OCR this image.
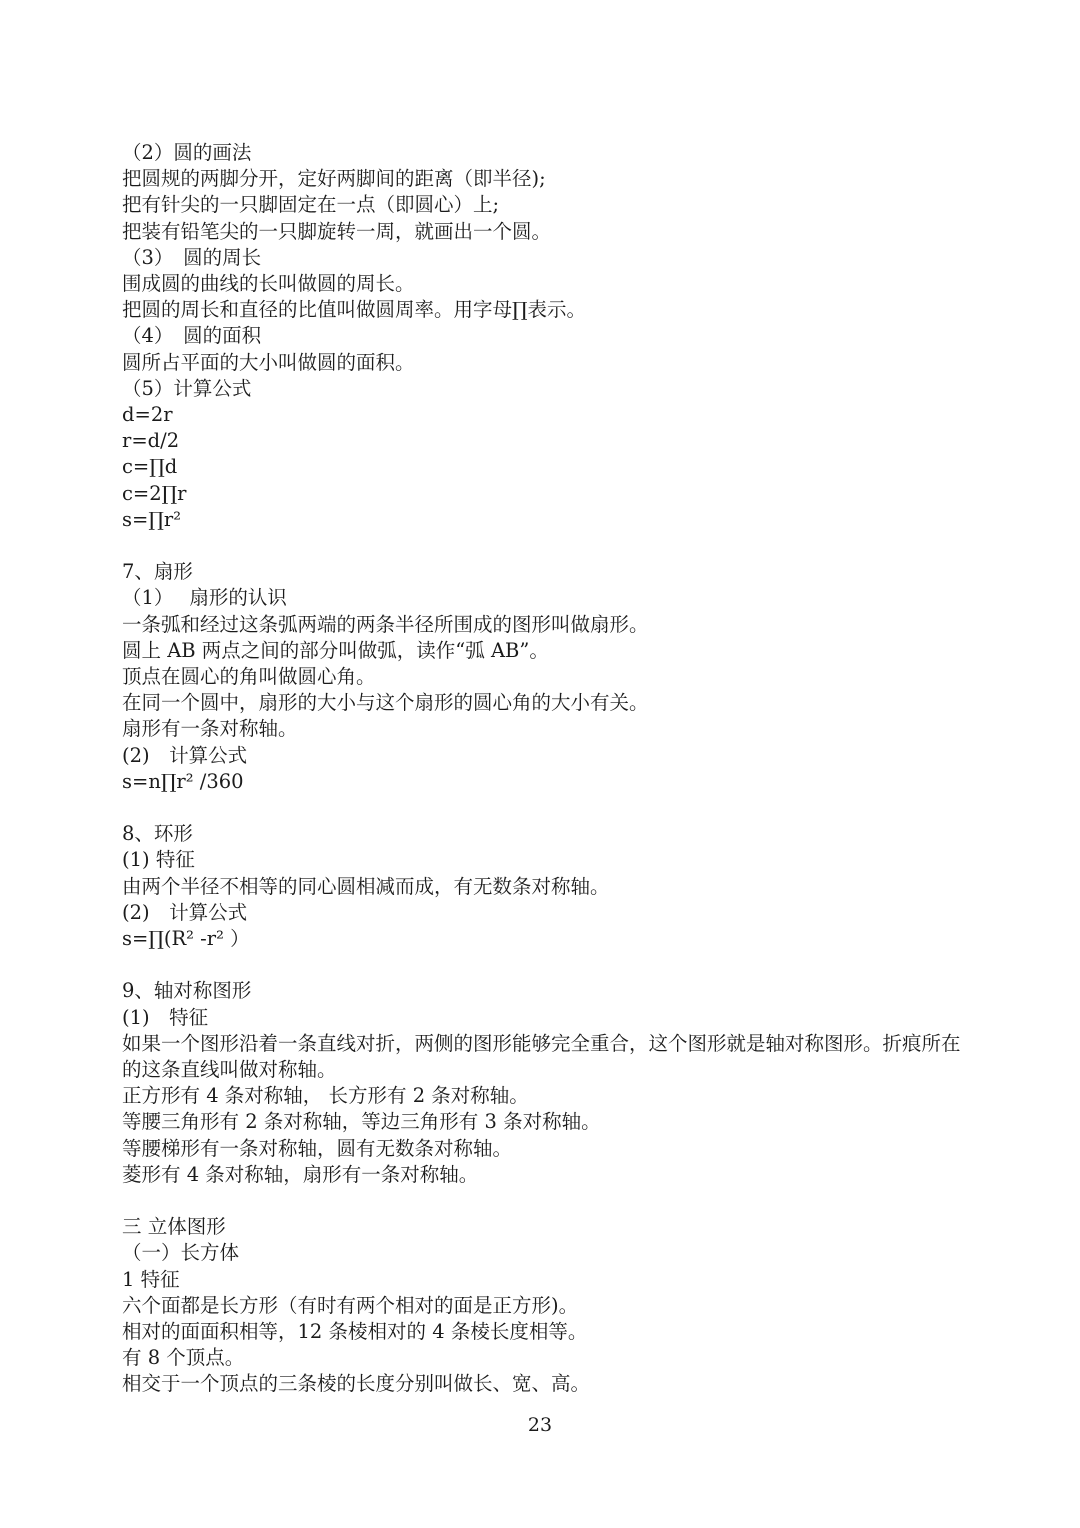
（2）圆的画法

把圆规的两脚分开，定好两脚间的距离（即半径);

把有针尖的一只脚固定在一点（即圆心）上;

把装有铅笔尖的一只脚旋转一周，就画出一个圆。

（3）　圆的周长

围成圆的曲线的长叫做圆的周长。

把圆的周长和直径的比值叫做圆周率。用字母∏表示。

（4）　圆的面积

圆所占平面的大小叫做圆的面积。

（5）计算公式

d=2r

r=d/2

c=∏d

c=2∏r

s=∏r²

7、扇形

（1）　 扇形的认识

一条弧和经过这条弧两端的两条半径所围成的图形叫做扇形。

圆上 AB 两点之间的部分叫做弧，读作“弧 AB”。

顶点在圆心的角叫做圆心角。

在同一个圆中，扇形的大小与这个扇形的圆心角的大小有关。

扇形有一条对称轴。

(2)　计算公式

s=n∏r² /360

8、环形

(1) 特征

由两个半径不相等的同心圆相减而成，有无数条对称轴。

(2)　计算公式

s=∏(R² -r² ）

9、轴对称图形

(1)　特征

如果一个图形沿着一条直线对折，两侧的图形能够完全重合，这个图形就是轴对称图形。折痕所在

的这条直线叫做对称轴。

正方形有 4 条对称轴， 长方形有 2 条对称轴。

等腰三角形有 2 条对称轴，等边三角形有 3 条对称轴。

等腰梯形有一条对称轴，圆有无数条对称轴。

菱形有 4 条对称轴，扇形有一条对称轴。

三 立体图形

（一）长方体

1 特征

六个面都是长方形（有时有两个相对的面是正方形)。

相对的面面积相等，12 条棱相对的 4 条棱长度相等。

有 8 个顶点。

相交于一个顶点的三条棱的长度分别叫做长、宽、高。

23
